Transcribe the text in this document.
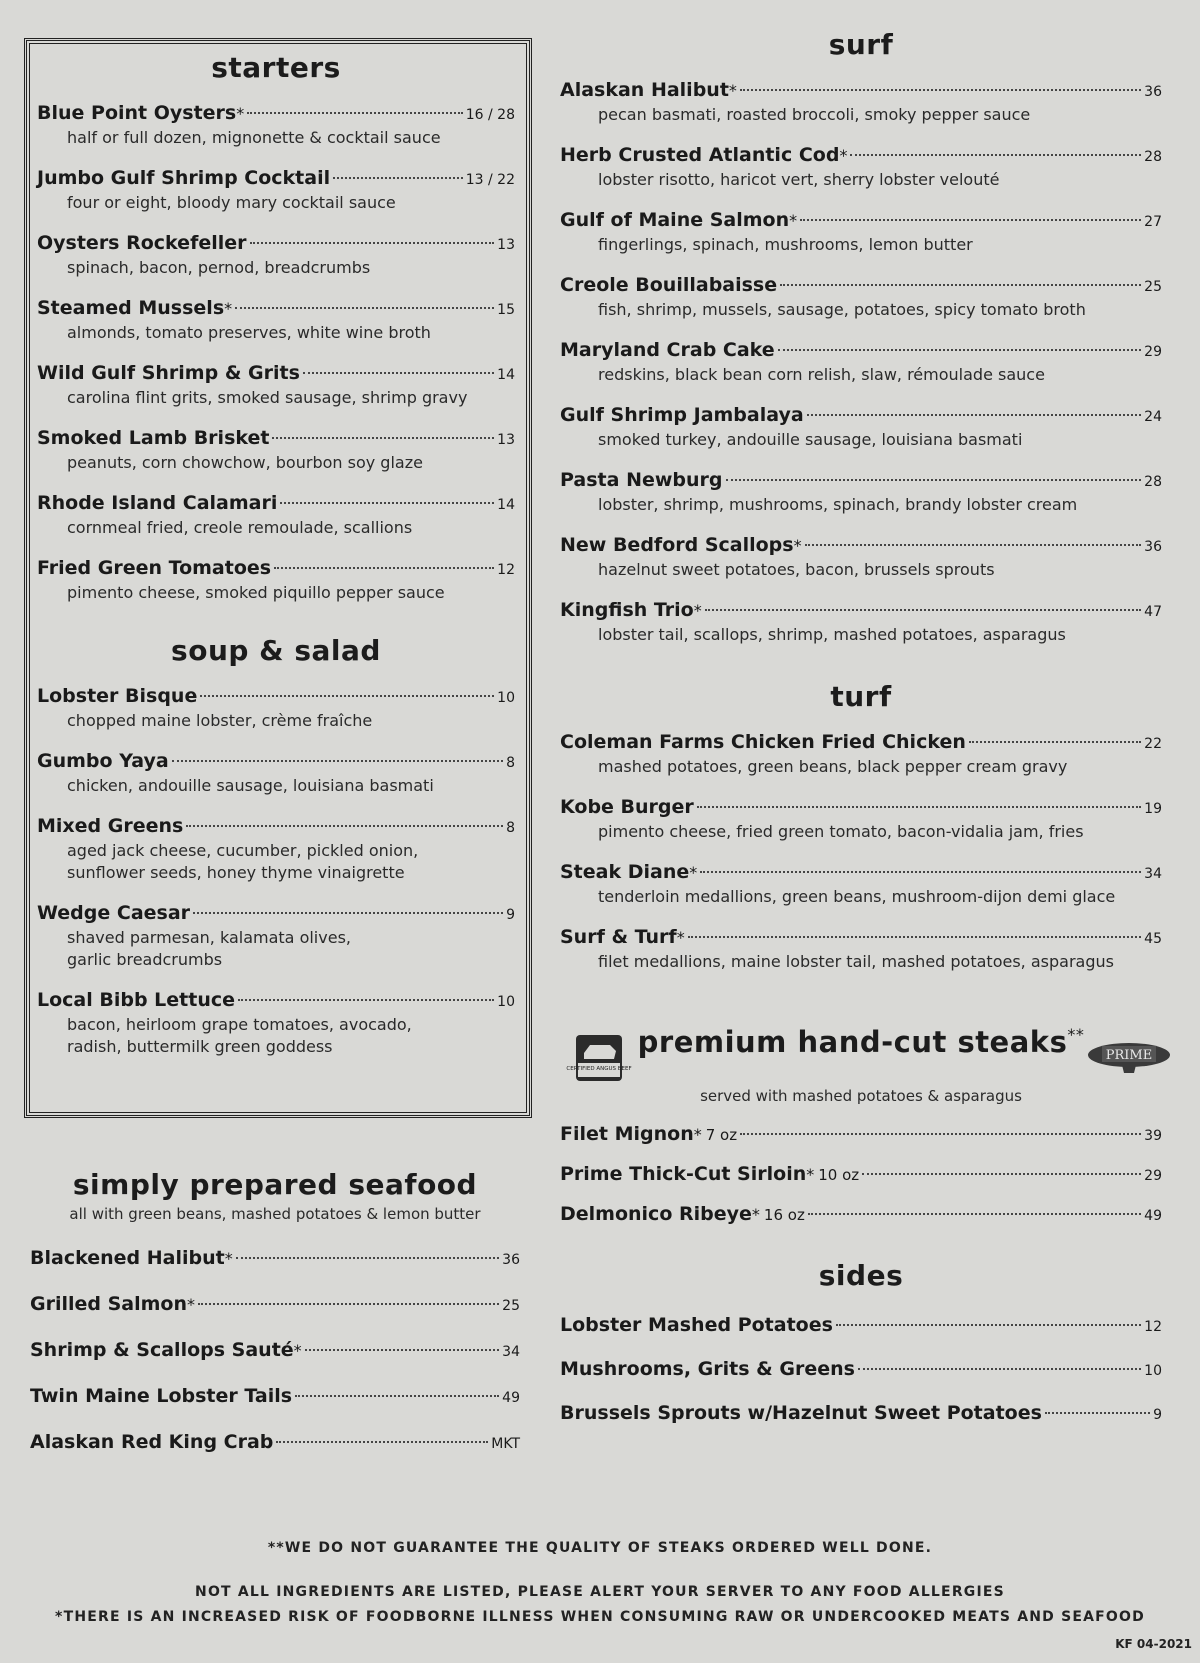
starters
Blue Point Oysters*	16 / 28
half or full dozen, mignonette & cocktail sauce
Jumbo Gulf Shrimp Cocktail	13 / 22
four or eight, bloody mary cocktail sauce
Oysters Rockefeller	13
spinach, bacon, pernod, breadcrumbs
Steamed Mussels*	15
almonds, tomato preserves, white wine broth
Wild Gulf Shrimp & Grits	14
carolina flint grits, smoked sausage, shrimp gravy
Smoked Lamb Brisket	13
peanuts, corn chowchow, bourbon soy glaze
Rhode Island Calamari	14
cornmeal fried, creole remoulade, scallions
Fried Green Tomatoes	12
pimento cheese, smoked piquillo pepper sauce
soup & salad
Lobster Bisque	10
chopped maine lobster, crème fraîche
Gumbo Yaya	8
chicken, andouille sausage, louisiana basmati
Mixed Greens	8
aged jack cheese, cucumber, pickled onion,
sunflower seeds, honey thyme vinaigrette
Wedge Caesar	9
shaved parmesan, kalamata olives,
garlic breadcrumbs
Local Bibb Lettuce	10
bacon, heirloom grape tomatoes, avocado,
radish, buttermilk green goddess
simply prepared seafood
all with green beans, mashed potatoes & lemon butter
Blackened Halibut*	36
Grilled Salmon*	25
Shrimp & Scallops Sauté*	34
Twin Maine Lobster Tails	49
Alaskan Red King Crab	MKT
surf
Alaskan Halibut*	36
pecan basmati, roasted broccoli, smoky pepper sauce
Herb Crusted Atlantic Cod*	28
lobster risotto, haricot vert, sherry lobster velouté
Gulf of Maine Salmon*	27
fingerlings, spinach, mushrooms, lemon butter
Creole Bouillabaisse	25
fish, shrimp, mussels, sausage, potatoes, spicy tomato broth
Maryland Crab Cake	29
redskins, black bean corn relish, slaw, rémoulade sauce
Gulf Shrimp Jambalaya	24
smoked turkey, andouille sausage, louisiana basmati
Pasta Newburg	28
lobster, shrimp, mushrooms, spinach, brandy lobster cream
New Bedford Scallops*	36
hazelnut sweet potatoes, bacon, brussels sprouts
Kingfish Trio*	47
lobster tail, scallops, shrimp, mashed potatoes, asparagus
turf
Coleman Farms Chicken Fried Chicken	22
mashed potatoes, green beans, black pepper cream gravy
Kobe Burger	19
pimento cheese, fried green tomato, bacon-vidalia jam, fries
Steak Diane*	34
tenderloin medallions, green beans, mushroom-dijon demi glace
Surf & Turf*	45
filet medallions, maine lobster tail, mashed potatoes, asparagus
CERTIFIED ANGUS BEEF
premium hand-cut steaks**
PRIME
served with mashed potatoes & asparagus
Filet Mignon* 7 oz	39
Prime Thick-Cut Sirloin* 10 oz	29
Delmonico Ribeye* 16 oz	49
sides
Lobster Mashed Potatoes	12
Mushrooms, Grits & Greens	10
Brussels Sprouts w/Hazelnut Sweet Potatoes	9
**WE DO NOT GUARANTEE THE QUALITY OF STEAKS ORDERED WELL DONE.
NOT ALL INGREDIENTS ARE LISTED, PLEASE ALERT YOUR SERVER TO ANY FOOD ALLERGIES
*THERE IS AN INCREASED RISK OF FOODBORNE ILLNESS WHEN CONSUMING RAW OR UNDERCOOKED MEATS AND SEAFOOD
KF 04-2021
